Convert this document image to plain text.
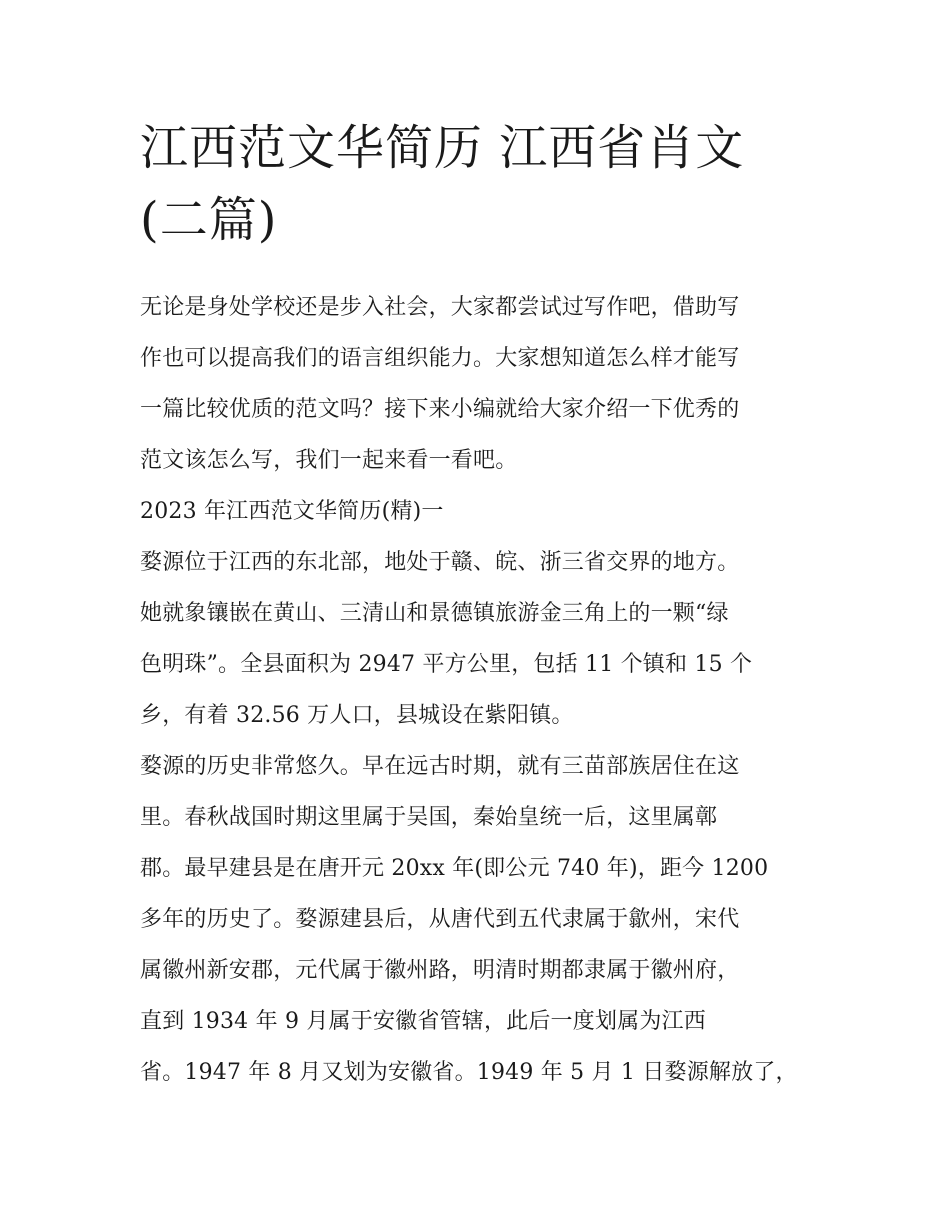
江西范文华简历 江西省肖文
(二篇)
无论是身处学校还是步入社会，大家都尝试过写作吧，借助写
作也可以提高我们的语言组织能力。大家想知道怎么样才能写
一篇比较优质的范文吗？接下来小编就给大家介绍一下优秀的
范文该怎么写，我们一起来看一看吧。
2023 年江西范文华简历(精)一
婺源位于江西的东北部，地处于赣、皖、浙三省交界的地方。
她就象镶嵌在黄山、三清山和景德镇旅游金三角上的一颗“绿
色明珠”。全县面积为 2947 平方公里，包括 11 个镇和 15 个
乡，有着 32.56 万人口，县城设在紫阳镇。
婺源的历史非常悠久。早在远古时期，就有三苗部族居住在这
里。春秋战国时期这里属于吴国，秦始皇统一后，这里属鄣
郡。最早建县是在唐开元 20xx 年(即公元 740 年)，距今 1200
多年的历史了。婺源建县后，从唐代到五代隶属于歙州，宋代
属徽州新安郡，元代属于徽州路，明清时期都隶属于徽州府，
直到 1934 年 9 月属于安徽省管辖，此后一度划属为江西
省。1947 年 8 月又划为安徽省。1949 年 5 月 1 日婺源解放了，
